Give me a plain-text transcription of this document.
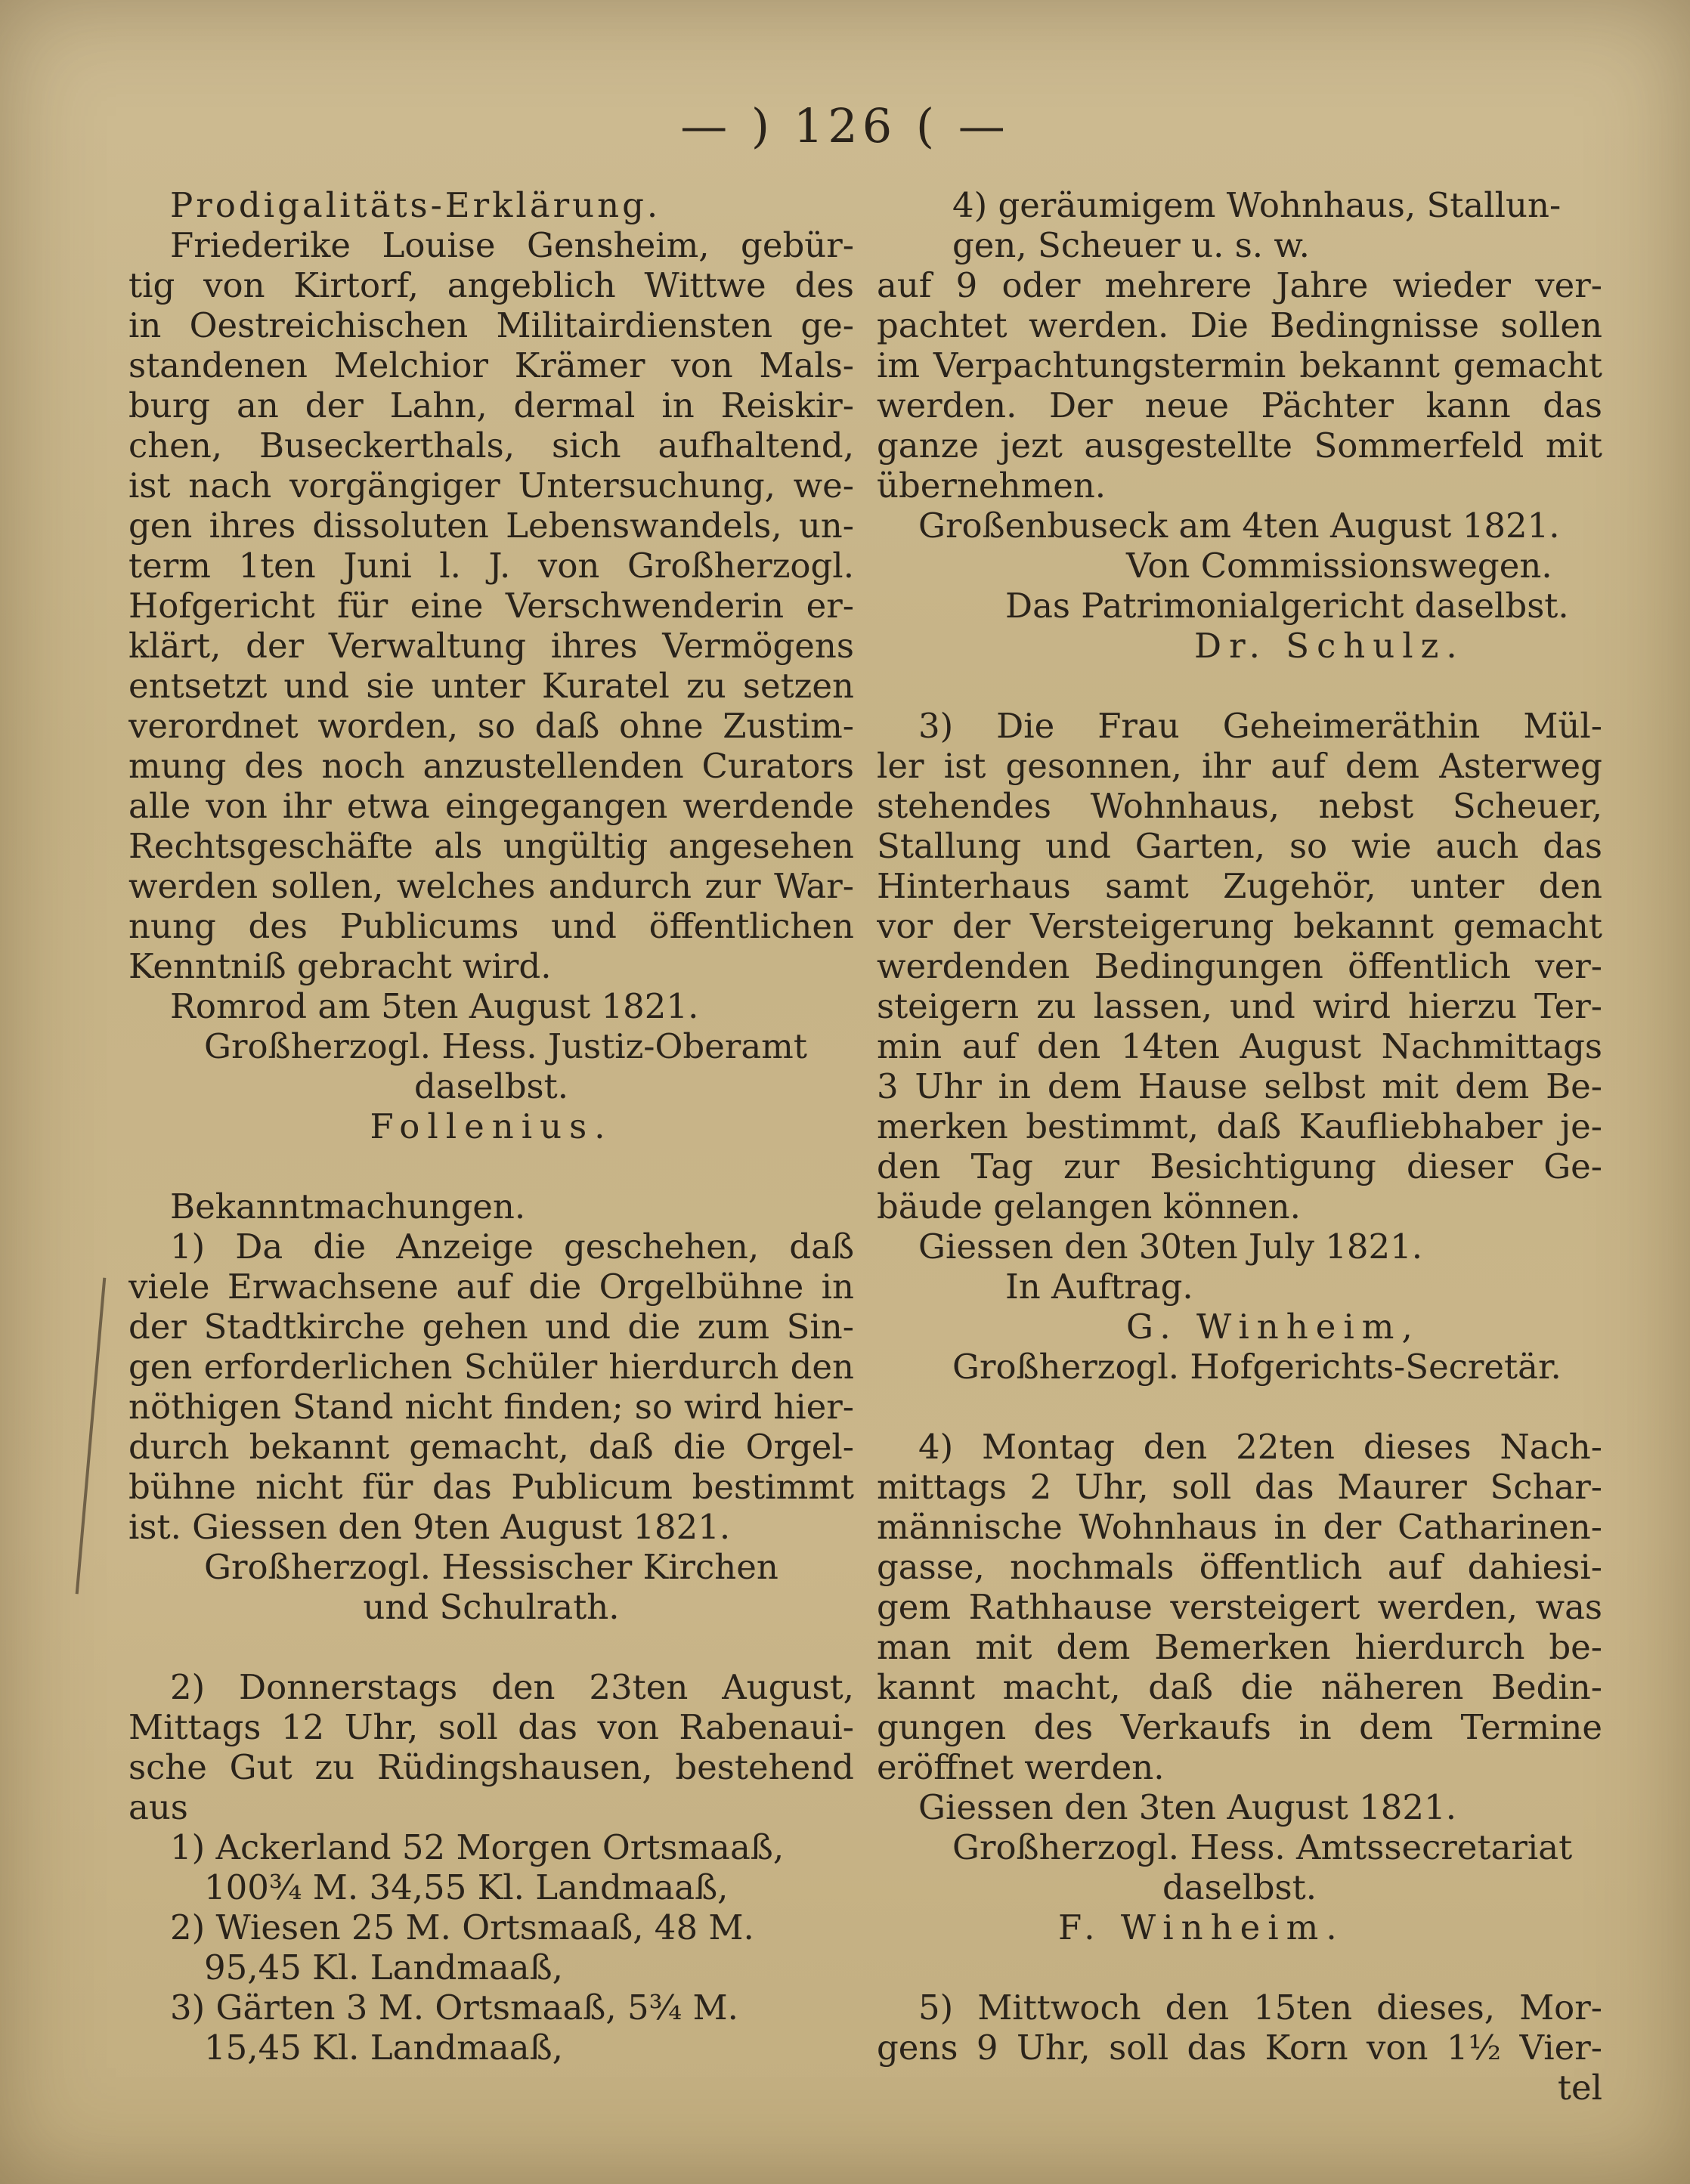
— ) 126 ( —
Prodigalitäts-Erklärung.
Friederike Louise Gensheim, gebür-
tig von Kirtorf, angeblich Wittwe des
in Oestreichischen Militairdiensten ge-
standenen Melchior Krämer von Mals-
burg an der Lahn, dermal in Reiskir-
chen, Buseckerthals, sich aufhaltend,
ist nach vorgängiger Untersuchung, we-
gen ihres dissoluten Lebenswandels, un-
term 1ten Juni l. J. von Großherzogl.
Hofgericht für eine Verschwenderin er-
klärt, der Verwaltung ihres Vermögens
entsetzt und sie unter Kuratel zu setzen
verordnet worden, so daß ohne Zustim-
mung des noch anzustellenden Curators
alle von ihr etwa eingegangen werdende
Rechtsgeschäfte als ungültig angesehen
werden sollen, welches andurch zur War-
nung des Publicums und öffentlichen
Kenntniß gebracht wird.
Romrod am 5ten August 1821.
Großherzogl. Hess. Justiz-Oberamt
daselbst.
Follenius.
Bekanntmachungen.
1) Da die Anzeige geschehen, daß
viele Erwachsene auf die Orgelbühne in
der Stadtkirche gehen und die zum Sin-
gen erforderlichen Schüler hierdurch den
nöthigen Stand nicht finden; so wird hier-
durch bekannt gemacht, daß die Orgel-
bühne nicht für das Publicum bestimmt
ist. Giessen den 9ten August 1821.
Großherzogl. Hessischer Kirchen
und Schulrath.
2) Donnerstags den 23ten August,
Mittags 12 Uhr, soll das von Rabenaui-
sche Gut zu Rüdingshausen, bestehend
aus
1) Ackerland 52 Morgen Ortsmaaß,
100¾ M. 34,55 Kl. Landmaaß,
2) Wiesen 25 M. Ortsmaaß, 48 M.
95,45 Kl. Landmaaß,
3) Gärten 3 M. Ortsmaaß, 5¾ M.
15,45 Kl. Landmaaß,
4) geräumigem Wohnhaus, Stallun-
gen, Scheuer u. s. w.
auf 9 oder mehrere Jahre wieder ver-
pachtet werden. Die Bedingnisse sollen
im Verpachtungstermin bekannt gemacht
werden. Der neue Pächter kann das
ganze jezt ausgestellte Sommerfeld mit
übernehmen.
Großenbuseck am 4ten August 1821.
Von Commissionswegen.
Das Patrimonialgericht daselbst.
Dr. Schulz.
3) Die Frau Geheimeräthin Mül-
ler ist gesonnen, ihr auf dem Asterweg
stehendes Wohnhaus, nebst Scheuer,
Stallung und Garten, so wie auch das
Hinterhaus samt Zugehör, unter den
vor der Versteigerung bekannt gemacht
werdenden Bedingungen öffentlich ver-
steigern zu lassen, und wird hierzu Ter-
min auf den 14ten August Nachmittags
3 Uhr in dem Hause selbst mit dem Be-
merken bestimmt, daß Kaufliebhaber je-
den Tag zur Besichtigung dieser Ge-
bäude gelangen können.
Giessen den 30ten July 1821.
In Auftrag.
G. Winheim,
Großherzogl. Hofgerichts-Secretär.
4) Montag den 22ten dieses Nach-
mittags 2 Uhr, soll das Maurer Schar-
männische Wohnhaus in der Catharinen-
gasse, nochmals öffentlich auf dahiesi-
gem Rathhause versteigert werden, was
man mit dem Bemerken hierdurch be-
kannt macht, daß die näheren Bedin-
gungen des Verkaufs in dem Termine
eröffnet werden.
Giessen den 3ten August 1821.
Großherzogl. Hess. Amtssecretariat
daselbst.
F. Winheim.
5) Mittwoch den 15ten dieses, Mor-
gens 9 Uhr, soll das Korn von 1½ Vier-
tel
